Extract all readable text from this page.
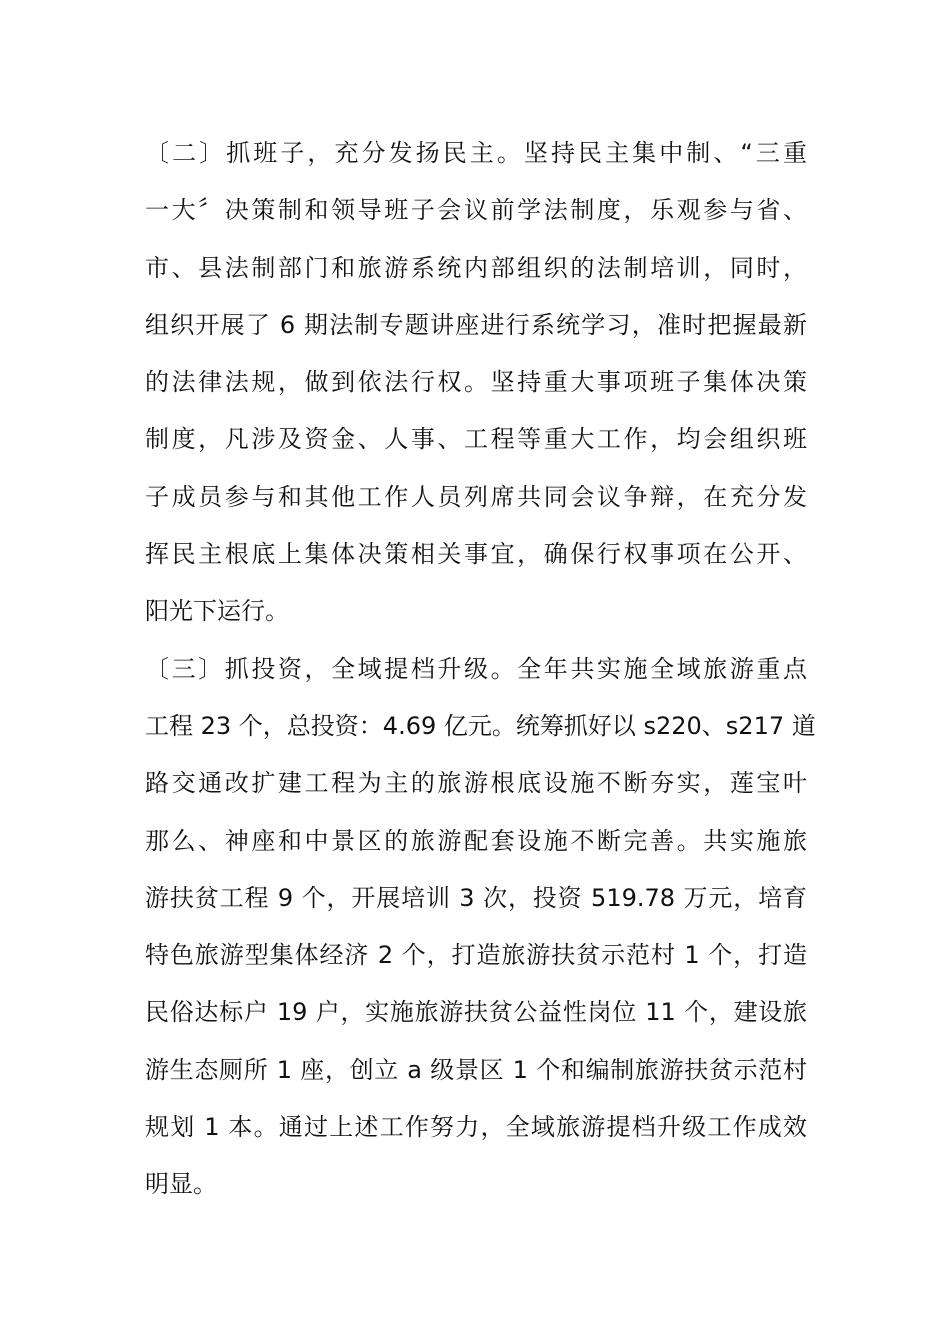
〔二〕抓班子，充分发扬民主。坚持民主集中制、“三重
一大〞决策制和领导班子会议前学法制度，乐观参与省、
市、县法制部门和旅游系统内部组织的法制培训，同时，
组织开展了 6 期法制专题讲座进行系统学习，准时把握最新
的法律法规，做到依法行权。坚持重大事项班子集体决策
制度，凡涉及资金、人事、工程等重大工作，均会组织班
子成员参与和其他工作人员列席共同会议争辩，在充分发
挥民主根底上集体决策相关事宜，确保行权事项在公开、
阳光下运行。
〔三〕抓投资，全域提档升级。全年共实施全域旅游重点
工程 23 个，总投资：4.69 亿元。统筹抓好以 s220、s217 道
路交通改扩建工程为主的旅游根底设施不断夯实，莲宝叶
那么、神座和中景区的旅游配套设施不断完善。共实施旅
游扶贫工程 9 个，开展培训 3 次，投资 519.78 万元，培育
特色旅游型集体经济 2 个，打造旅游扶贫示范村 1 个，打造
民俗达标户 19 户，实施旅游扶贫公益性岗位 11 个，建设旅
游生态厕所 1 座，创立 a 级景区 1 个和编制旅游扶贫示范村
规划 1 本。通过上述工作努力，全域旅游提档升级工作成效
明显。
